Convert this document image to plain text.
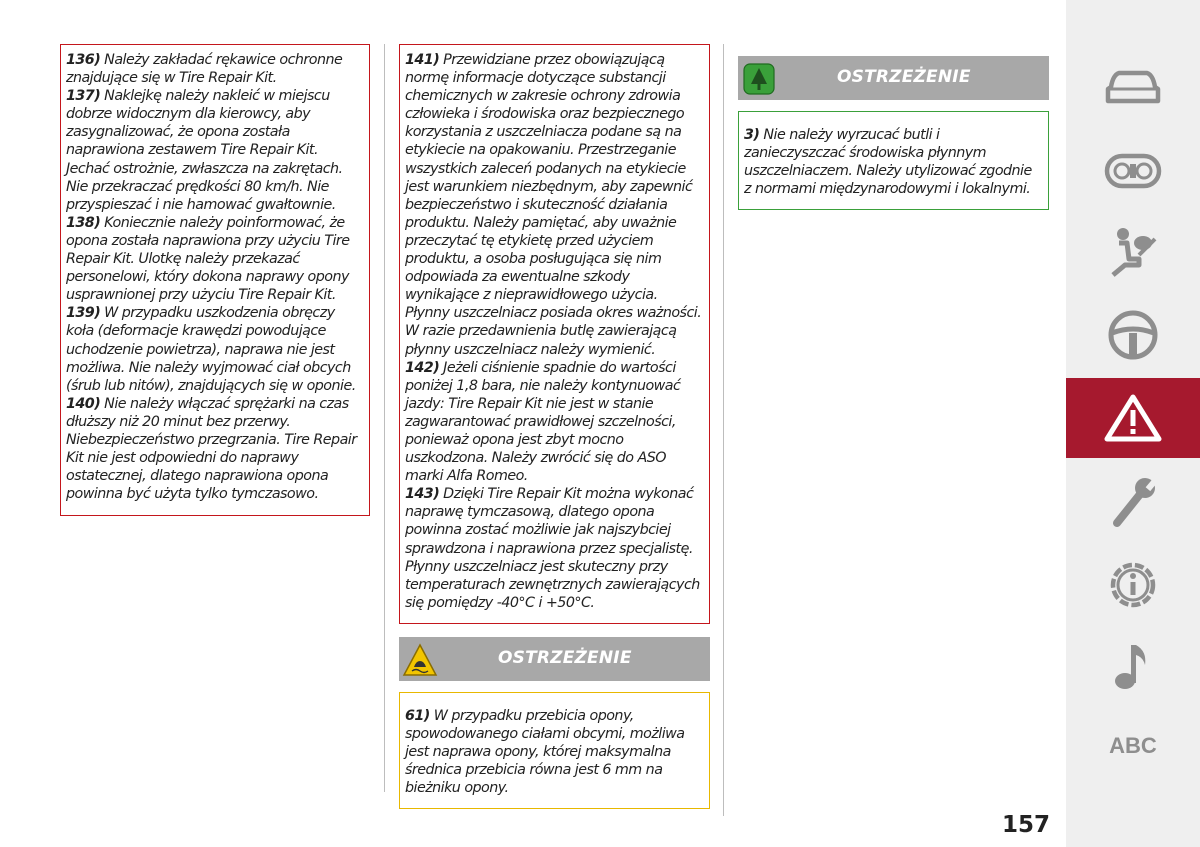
136) Należy zakładać rękawice ochronne znajdujące się w Tire Repair Kit.

137) Naklejkę należy nakleić w miejscu dobrze widocznym dla kierowcy, aby zasygnalizować, że opona została naprawiona zestawem Tire Repair Kit. Jechać ostrożnie, zwłaszcza na zakrętach. Nie przekraczać prędkości 80 km/h. Nie przyspieszać i nie hamować gwałtownie.

138) Koniecznie należy poinformować, że opona została naprawiona przy użyciu Tire Repair Kit. Ulotkę należy przekazać personelowi, który dokona naprawy opony usprawnionej przy użyciu Tire Repair Kit.

139) W przypadku uszkodzenia obręczy koła (deformacje krawędzi powodujące uchodzenie powietrza), naprawa nie jest możliwa. Nie należy wyjmować ciał obcych (śrub lub nitów), znajdujących się w oponie.

140) Nie należy włączać sprężarki na czas dłuższy niż 20 minut bez przerwy. Niebezpieczeństwo przegrzania. Tire Repair Kit nie jest odpowiedni do naprawy ostatecznej, dlatego naprawiona opona powinna być użyta tylko tymczasowo.

141) Przewidziane przez obowiązującą normę informacje dotyczące substancji chemicznych w zakresie ochrony zdrowia człowieka i środowiska oraz bezpiecznego korzystania z uszczelniacza podane są na etykiecie na opakowaniu. Przestrzeganie wszystkich zaleceń podanych na etykiecie jest warunkiem niezbędnym, aby zapewnić bezpieczeństwo i skuteczność działania produktu. Należy pamiętać, aby uważnie przeczytać tę etykietę przed użyciem produktu, a osoba posługująca się nim odpowiada za ewentualne szkody wynikające z nieprawidłowego użycia. Płynny uszczelniacz posiada okres ważności. W razie przedawnienia butlę zawierającą płynny uszczelniacz należy wymienić.

142) Jeżeli ciśnienie spadnie do wartości poniżej 1,8 bara, nie należy kontynuować jazdy: Tire Repair Kit nie jest w stanie zagwarantować prawidłowej szczelności, ponieważ opona jest zbyt mocno uszkodzona. Należy zwrócić się do ASO marki Alfa Romeo.

143) Dzięki Tire Repair Kit można wykonać naprawę tymczasową, dlatego opona powinna zostać możliwie jak najszybciej sprawdzona i naprawiona przez specjalistę. Płynny uszczelniacz jest skuteczny przy temperaturach zewnętrznych zawierających się pomiędzy -40°C i +50°C.

OSTRZEŻENIE

61) W przypadku przebicia opony, spowodowanego ciałami obcymi, możliwa jest naprawa opony, której maksymalna średnica przebicia równa jest 6 mm na bieżniku opony.

OSTRZEŻENIE

3) Nie należy wyrzucać butli i zanieczyszczać środowiska płynnym uszczelniaczem. Należy utylizować zgodnie z normami międzynarodowymi i lokalnymi.

ABC
157
